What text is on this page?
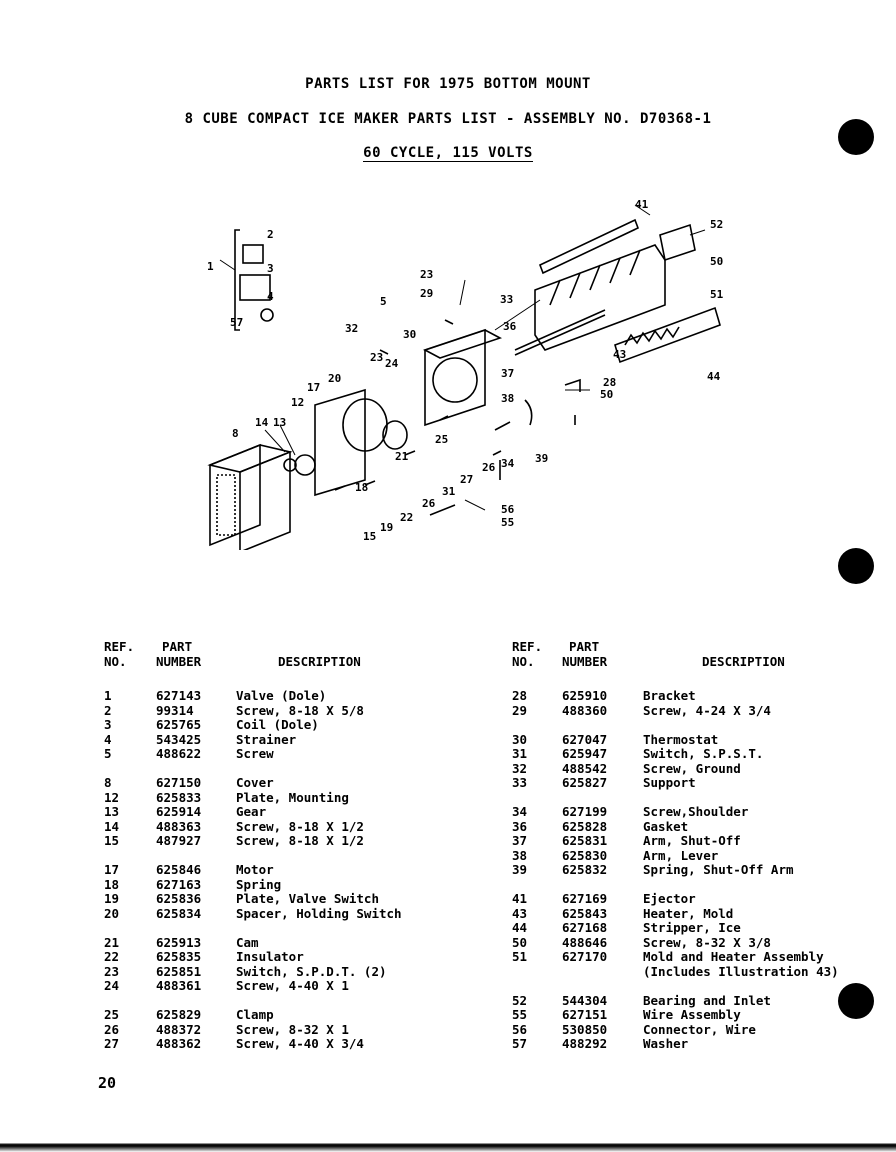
PARTS LIST FOR 1975 BOTTOM MOUNT
8 CUBE COMPACT ICE MAKER PARTS LIST - ASSEMBLY NO. D70368-1
60 CYCLE, 115 VOLTS
41
52
50
51
43
44
28
50
1
2
3
4
57
5
23
29	33
36
37
38
32
23
30
24
20
17
12
13
14
8	25
26 34 39
21
27
31
26
18
22
19
15
56
55
REF.
NO.
PART
NUMBER	DESCRIPTION
1	627143	Valve (Dole)
2	99314	Screw, 8-18 X 5/8
3	625765	Coil (Dole)
4	543425	Strainer
5	488622	Screw
8	627150	Cover
12	625833	Plate, Mounting
13	625914	Gear
14	488363	Screw, 8-18 X 1/2
15	487927	Screw, 8-18 X 1/2
17	625846	Motor
18	627163	Spring
19	625836	Plate, Valve Switch
20	625834	Spacer, Holding Switch
21	625913	Cam
22	625835	Insulator
23	625851	Switch, S.P.D.T. (2)
24	488361	Screw, 4-40 X 1
25	625829	Clamp
26	488372	Screw, 8-32 X 1
27	488362	Screw, 4-40 X 3/4
REF.
NO.
PART
NUMBER	DESCRIPTION
28	625910	Bracket
29	488360	Screw, 4-24 X 3/4
30	627047	Thermostat
31	625947	Switch, S.P.S.T.
32	488542	Screw, Ground
33	625827	Support
34	627199	Screw,Shoulder
36	625828	Gasket
37	625831	Arm, Shut-Off
38	625830	Arm, Lever
39	625832	Spring, Shut-Off Arm
41	627169	Ejector
43	625843	Heater, Mold
44	627168	Stripper, Ice
50	488646	Screw, 8-32 X 3/8
51	627170	Mold and Heater Assembly
(Includes Illustration 43)
52	544304	Bearing and Inlet
55	627151	Wire Assembly
56	530850	Connector, Wire
57	488292	Washer
20
